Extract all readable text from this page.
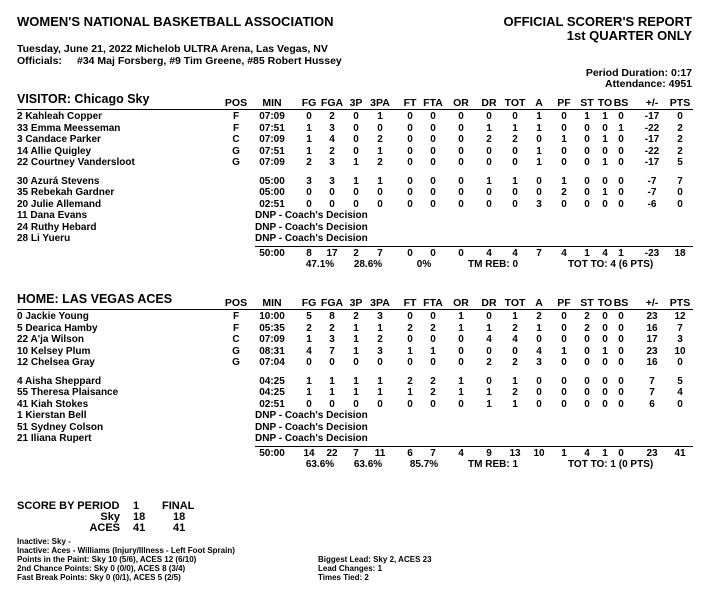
WOMEN'S NATIONAL BASKETBALL ASSOCIATION	OFFICIAL SCORER'S REPORT
1st QUARTER ONLY
Tuesday, June 21, 2022 Michelob ULTRA Arena, Las Vegas, NV
Officials: #34 Maj Forsberg, #9 Tim Greene, #85 Robert Hussey
Period Duration: 0:17
Attendance: 4951
VISITOR: Chicago Sky	POS	MIN	FG FGA 3P 3PA	FT FTA OR	DR TOT A	PF ST TO BS	+/-	PTS
2 Kahleah Copper	F	07:09	0	2	0	1	0	0	0	0	0	1	0	1	1	0	-17	0
33 Emma Meesseman	F	07:51	1	3	0	0	0	0	0	1	1	1	0	0	0	1	-22	2
3 Candace Parker	C	07:09	1	4	0	2	0	0	0	2	2	0	1	0	1	0	-17	2
14 Allie Quigley	G	07:51	1	2	0	1	0	0	0	0	0	1	0	0	0	0	-22	2
22 Courtney Vandersloot	G	07:09	2	3	1	2	0	0	0	0	0	1	0	0	1	0	-17	5
30 Azurá Stevens	05:00	3	3	1	1	0	0	0	1	1	0	1	0	0	0	-7	7
35 Rebekah Gardner	05:00	0	0	0	0	0	0	0	0	0	0	2	0	1	0	-7	0
20 Julie Allemand	02:51	0	0	0	0	0	0	0	0	0	3	0	0	0	0	-6	0
11 Dana Evans	DNP - Coach's Decision
24 Ruthy Hebard	DNP - Coach's Decision
28 Li Yueru	DNP - Coach's Decision
50:00	8	17	2	7	0	0	0	4	4	7	4	1	4	1	-23	18
47.1%	28.6%	0%	TM REB: 0	TOT TO: 4 (6 PTS)
HOME: LAS VEGAS ACES	POS	MIN	FG FGA 3P 3PA	FT FTA OR	DR TOT A	PF ST TO BS	+/-	PTS
0 Jackie Young	F	10:00	5	8	2	3	0	0	1	0	1	2	0	2	0	0	23	12
5 Dearica Hamby	F	05:35	2	2	1	1	2	2	1	1	2	1	0	2	0	0	16	7
22 A'ja Wilson	C	07:09	1	3	1	2	0	0	0	4	4	0	0	0	0	0	17	3
10 Kelsey Plum	G	08:31	4	7	1	3	1	1	0	0	0	4	1	0	1	0	23	10
12 Chelsea Gray	G	07:04	0	0	0	0	0	0	0	2	2	3	0	0	0	0	16	0
4 Aisha Sheppard	04:25	1	1	1	1	2	2	1	0	1	0	0	0	0	0	7	5
55 Theresa Plaisance	04:25	1	1	1	1	1	2	1	1	2	0	0	0	0	0	7	4
41 Kiah Stokes	02:51	0	0	0	0	0	0	0	1	1	0	0	0	0	0	6	0
1 Kierstan Bell	DNP - Coach's Decision
51 Sydney Colson	DNP - Coach's Decision
21 Iliana Rupert	DNP - Coach's Decision
50:00	14	22	7	11	6	7	4	9	13	10	1	4	1	0	23	41
63.6%	63.6%	85.7%	TM REB: 1	TOT TO: 1 (0 PTS)
SCORE BY PERIOD 1 FINAL
Sky 18	18
ACES 41	41
Inactive: Sky -
Inactive: Aces - Williams (Injury/Illness - Left Foot Sprain)
Points in the Paint: Sky 10 (5/6), ACES 12 (6/10)
2nd Chance Points: Sky 0 (0/0), ACES 8 (3/4)
Fast Break Points: Sky 0 (0/1), ACES 5 (2/5)
Biggest Lead: Sky 2, ACES 23
Lead Changes: 1
Times Tied: 2
